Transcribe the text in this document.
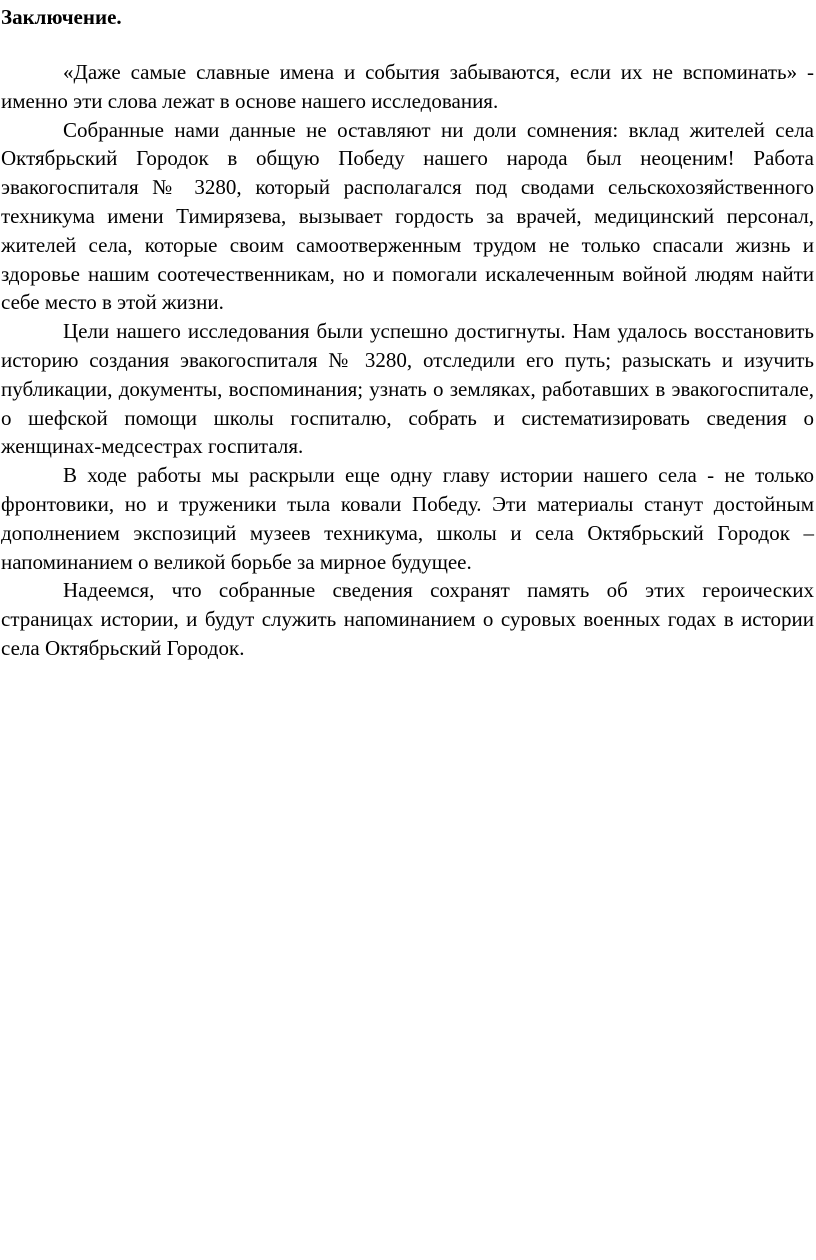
Заключение.

«Даже самые славные имена и события забываются, если их не вспоминать» - именно эти слова лежат в основе нашего исследования.

Собранные нами данные не оставляют ни доли сомнения: вклад жителей села Октябрьский Городок в общую Победу нашего народа был неоценим! Работа эвакогоспиталя № 3280, который располагался под сводами сельскохозяйственного техникума имени Тимирязева, вызывает гордость за врачей, медицинский персонал, жителей села, которые своим самоотверженным трудом не только спасали жизнь и здоровье нашим соотечественникам, но и помогали искалеченным войной людям найти себе место в этой жизни.

Цели нашего исследования были успешно достигнуты. Нам удалось восстановить историю создания эвакогоспиталя № 3280, отследили его путь; разыскать и изучить публикации, документы, воспоминания; узнать о земляках, работавших в эвакогоспитале, о шефской помощи школы госпиталю, собрать и систематизировать сведения о женщинах-медсестрах госпиталя.

В ходе работы мы раскрыли еще одну главу истории нашего села - не только фронтовики, но и труженики тыла ковали Победу. Эти материалы станут достойным дополнением экспозиций музеев техникума, школы и села Октябрьский Городок – напоминанием о великой борьбе за мирное будущее.

Надеемся, что собранные сведения сохранят память об этих героических страницах истории, и будут служить напоминанием о суровых военных годах в истории села Октябрьский Городок.
